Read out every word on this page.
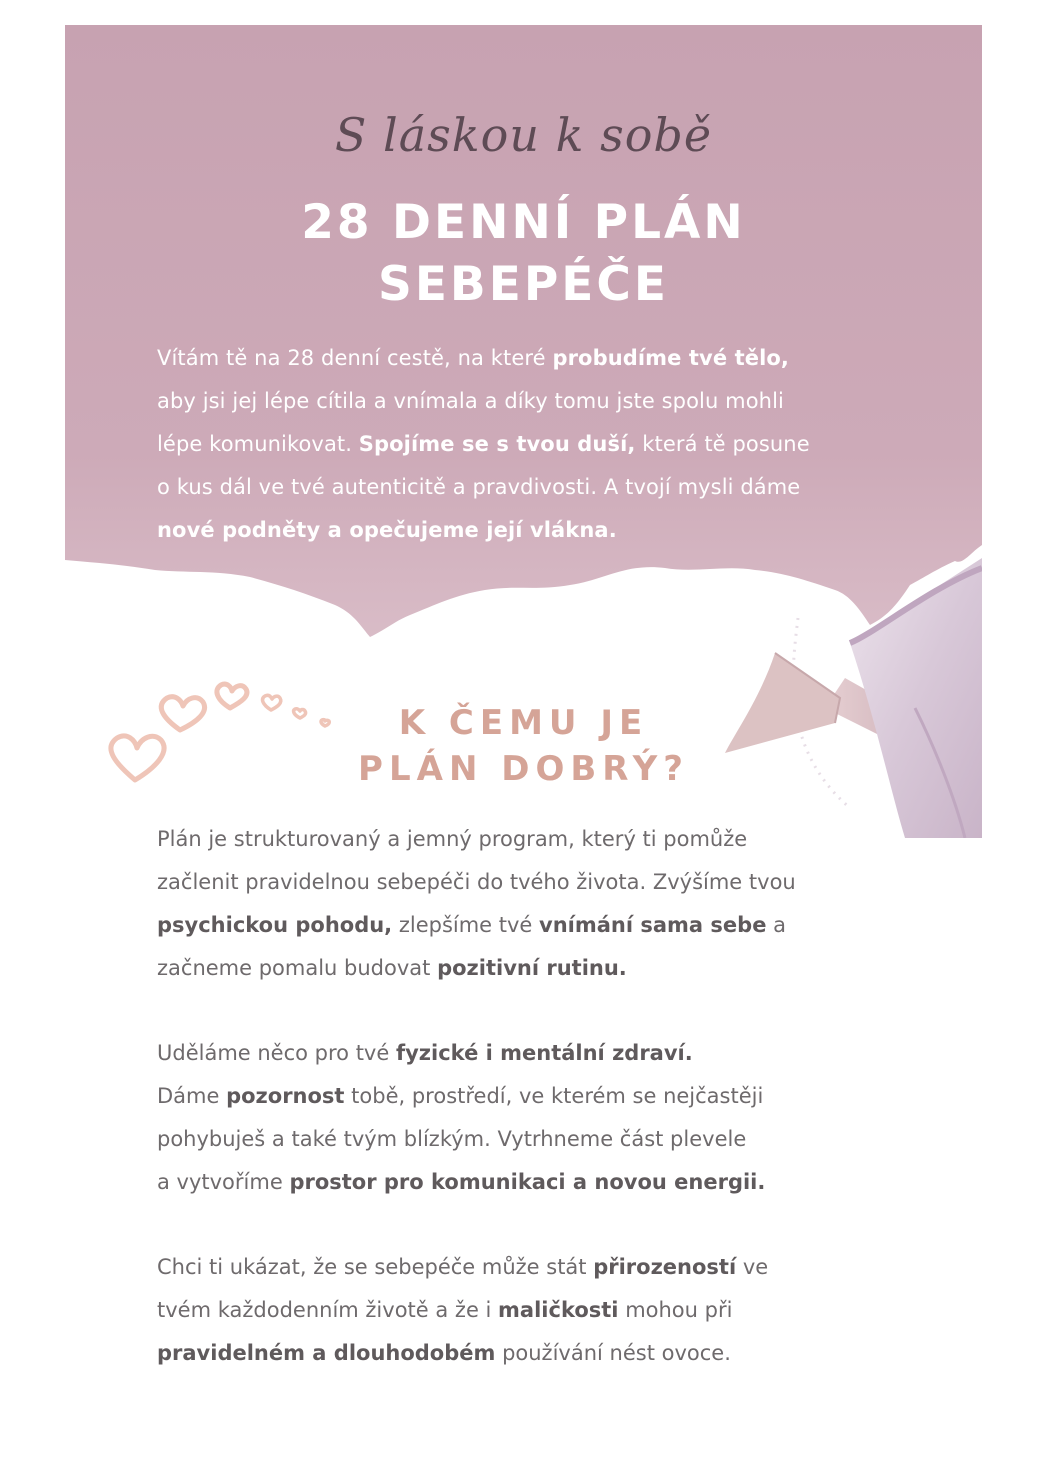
S láskou k sobě
28 DENNÍ PLÁN
SEBEPÉČE
Vítám tě na 28 denní cestě, na které probudíme tvé tělo,
aby jsi jej lépe cítila a vnímala a díky tomu jste spolu mohli
lépe komunikovat. Spojíme se s tvou duší, která tě posune
o kus dál ve tvé autenticitě a pravdivosti. A tvojí mysli dáme
nové podněty a opečujeme její vlákna.
K ČEMU JE
PLÁN DOBRÝ?
Plán je strukturovaný a jemný program, který ti pomůže
začlenit pravidelnou sebepéči do tvého života. Zvýšíme tvou
psychickou pohodu, zlepšíme tvé vnímání sama sebe a
začneme pomalu budovat pozitivní rutinu.
Uděláme něco pro tvé fyzické i mentální zdraví.
Dáme pozornost tobě, prostředí, ve kterém se nejčastěji
pohybuješ a také tvým blízkým. Vytrhneme část plevele
a vytvoříme prostor pro komunikaci a novou energii.
Chci ti ukázat, že se sebepéče může stát přirozeností ve
tvém každodenním životě a že i maličkosti mohou při
pravidelném a dlouhodobém používání nést ovoce.
